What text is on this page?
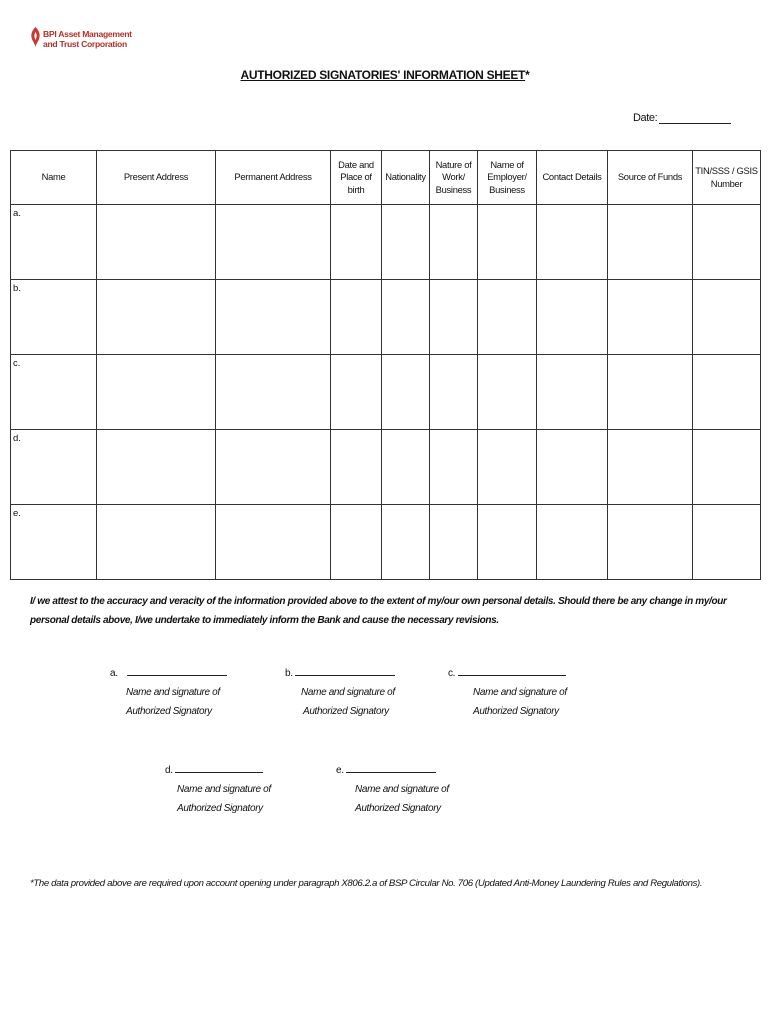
BPI Asset Management
and Trust Corporation
AUTHORIZED SIGNATORIES' INFORMATION SHEET*
Date:
Name	Present Address	Permanent Address	Date and
Place of birth	Nationality	Nature of
Work/
Business	Name of
Employer/
Business	Contact Details	Source of Funds	TIN/SSS / GSIS
Number
a.									
b.									
c.									
d.									
e.									
I/ we attest to the accuracy and veracity of the information provided above to the extent of my/our own personal details. Should there be any change in my/our personal details above, I/we undertake to immediately inform the Bank and cause the necessary revisions.
a.
Name and signature of
Authorized Signatory
b.
Name and signature of
Authorized Signatory
c.
Name and signature of
Authorized Signatory
d.
Name and signature of
Authorized Signatory
e.
Name and signature of
Authorized Signatory
*The data provided above are required upon account opening under paragraph X806.2.a of BSP Circular No. 706 (Updated Anti-Money Laundering Rules and Regulations).
